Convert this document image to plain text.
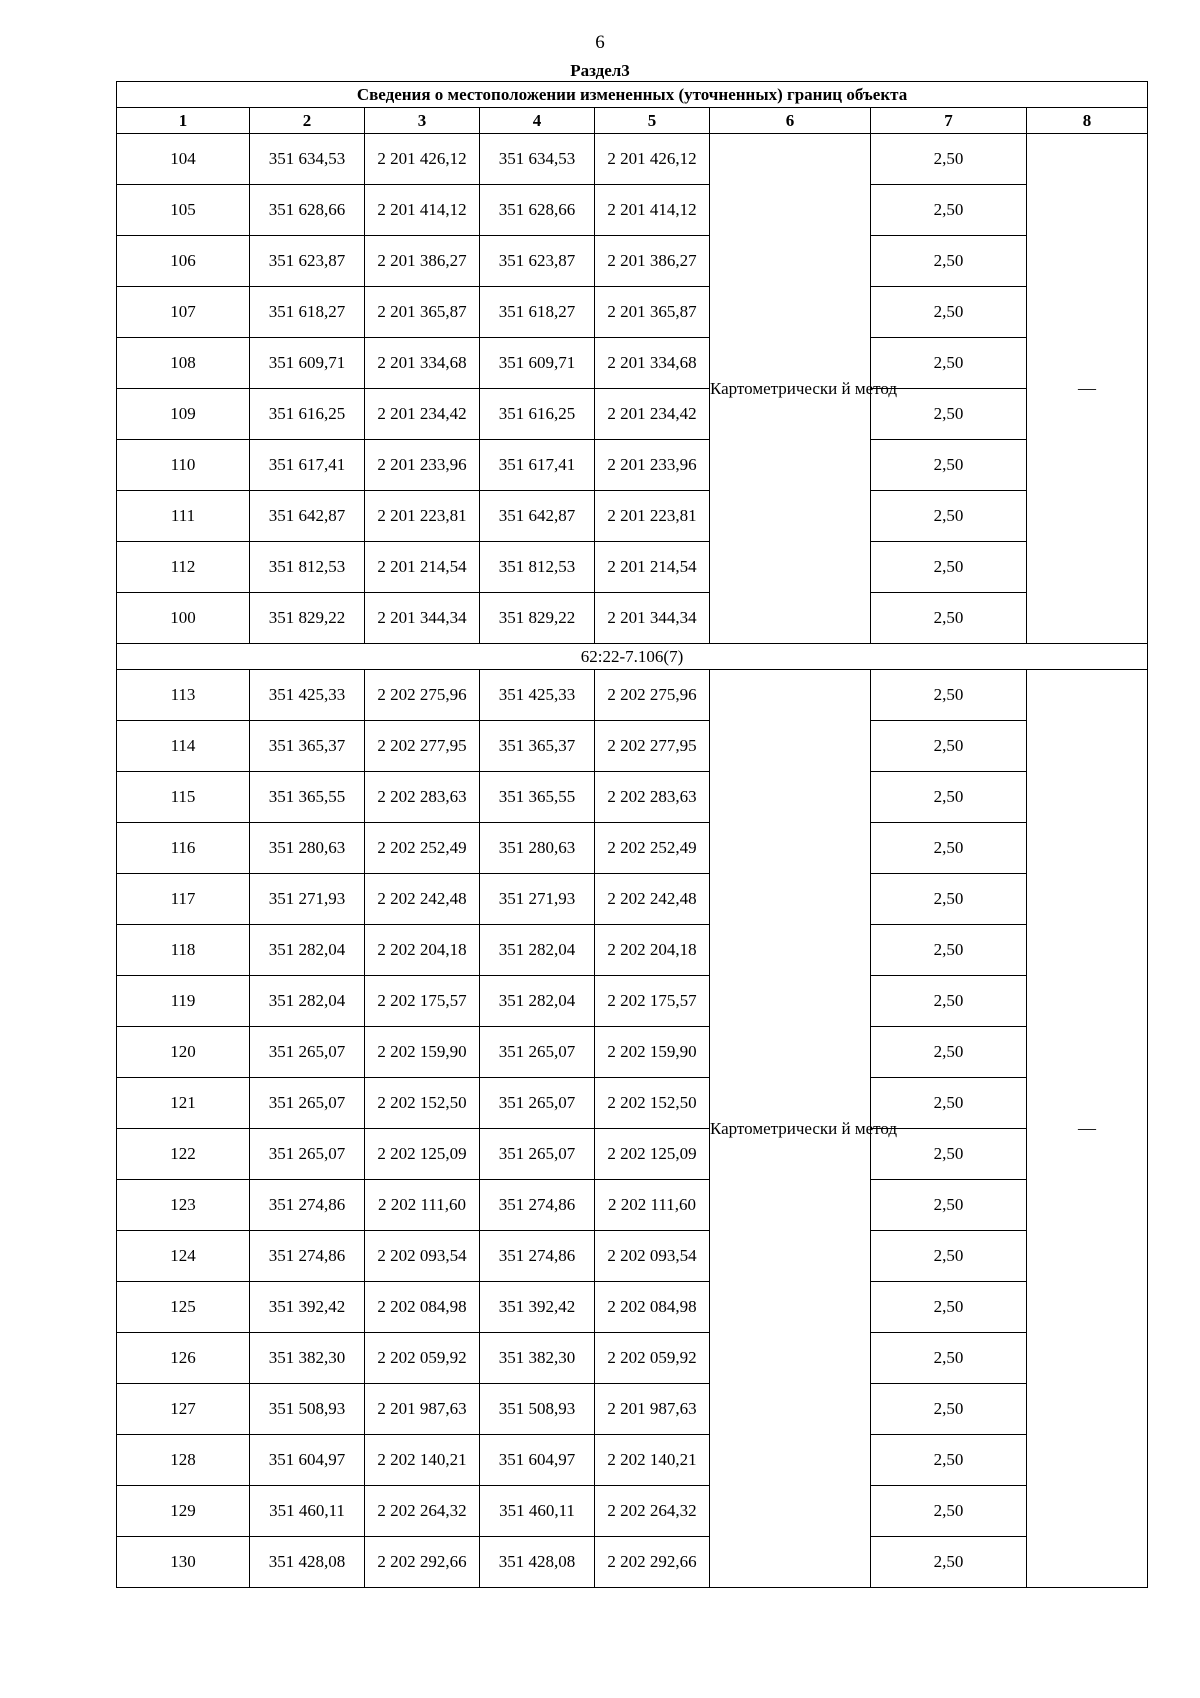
6
Раздел3
Сведения о местоположении измененных (уточненных) границ объекта							
1	2	3	4	5	6	7	8
104	351 634,53	2 201 426,12	351 634,53	2 201 426,12	Картометрически й метод	2,50	—
105	351 628,66	2 201 414,12	351 628,66	2 201 414,12		2,50	
106	351 623,87	2 201 386,27	351 623,87	2 201 386,27		2,50	
107	351 618,27	2 201 365,87	351 618,27	2 201 365,87		2,50	
108	351 609,71	2 201 334,68	351 609,71	2 201 334,68		2,50	
109	351 616,25	2 201 234,42	351 616,25	2 201 234,42		2,50	
110	351 617,41	2 201 233,96	351 617,41	2 201 233,96		2,50	
111	351 642,87	2 201 223,81	351 642,87	2 201 223,81		2,50	
112	351 812,53	2 201 214,54	351 812,53	2 201 214,54		2,50	
100	351 829,22	2 201 344,34	351 829,22	2 201 344,34		2,50	
62:22-7.106(7)							
113	351 425,33	2 202 275,96	351 425,33	2 202 275,96	Картометрически й метод	2,50	—
114	351 365,37	2 202 277,95	351 365,37	2 202 277,95		2,50	
115	351 365,55	2 202 283,63	351 365,55	2 202 283,63		2,50	
116	351 280,63	2 202 252,49	351 280,63	2 202 252,49		2,50	
117	351 271,93	2 202 242,48	351 271,93	2 202 242,48		2,50	
118	351 282,04	2 202 204,18	351 282,04	2 202 204,18		2,50	
119	351 282,04	2 202 175,57	351 282,04	2 202 175,57		2,50	
120	351 265,07	2 202 159,90	351 265,07	2 202 159,90		2,50	
121	351 265,07	2 202 152,50	351 265,07	2 202 152,50		2,50	
122	351 265,07	2 202 125,09	351 265,07	2 202 125,09		2,50	
123	351 274,86	2 202 111,60	351 274,86	2 202 111,60		2,50	
124	351 274,86	2 202 093,54	351 274,86	2 202 093,54		2,50	
125	351 392,42	2 202 084,98	351 392,42	2 202 084,98		2,50	
126	351 382,30	2 202 059,92	351 382,30	2 202 059,92		2,50	
127	351 508,93	2 201 987,63	351 508,93	2 201 987,63		2,50	
128	351 604,97	2 202 140,21	351 604,97	2 202 140,21		2,50	
129	351 460,11	2 202 264,32	351 460,11	2 202 264,32		2,50	
130	351 428,08	2 202 292,66	351 428,08	2 202 292,66		2,50	
